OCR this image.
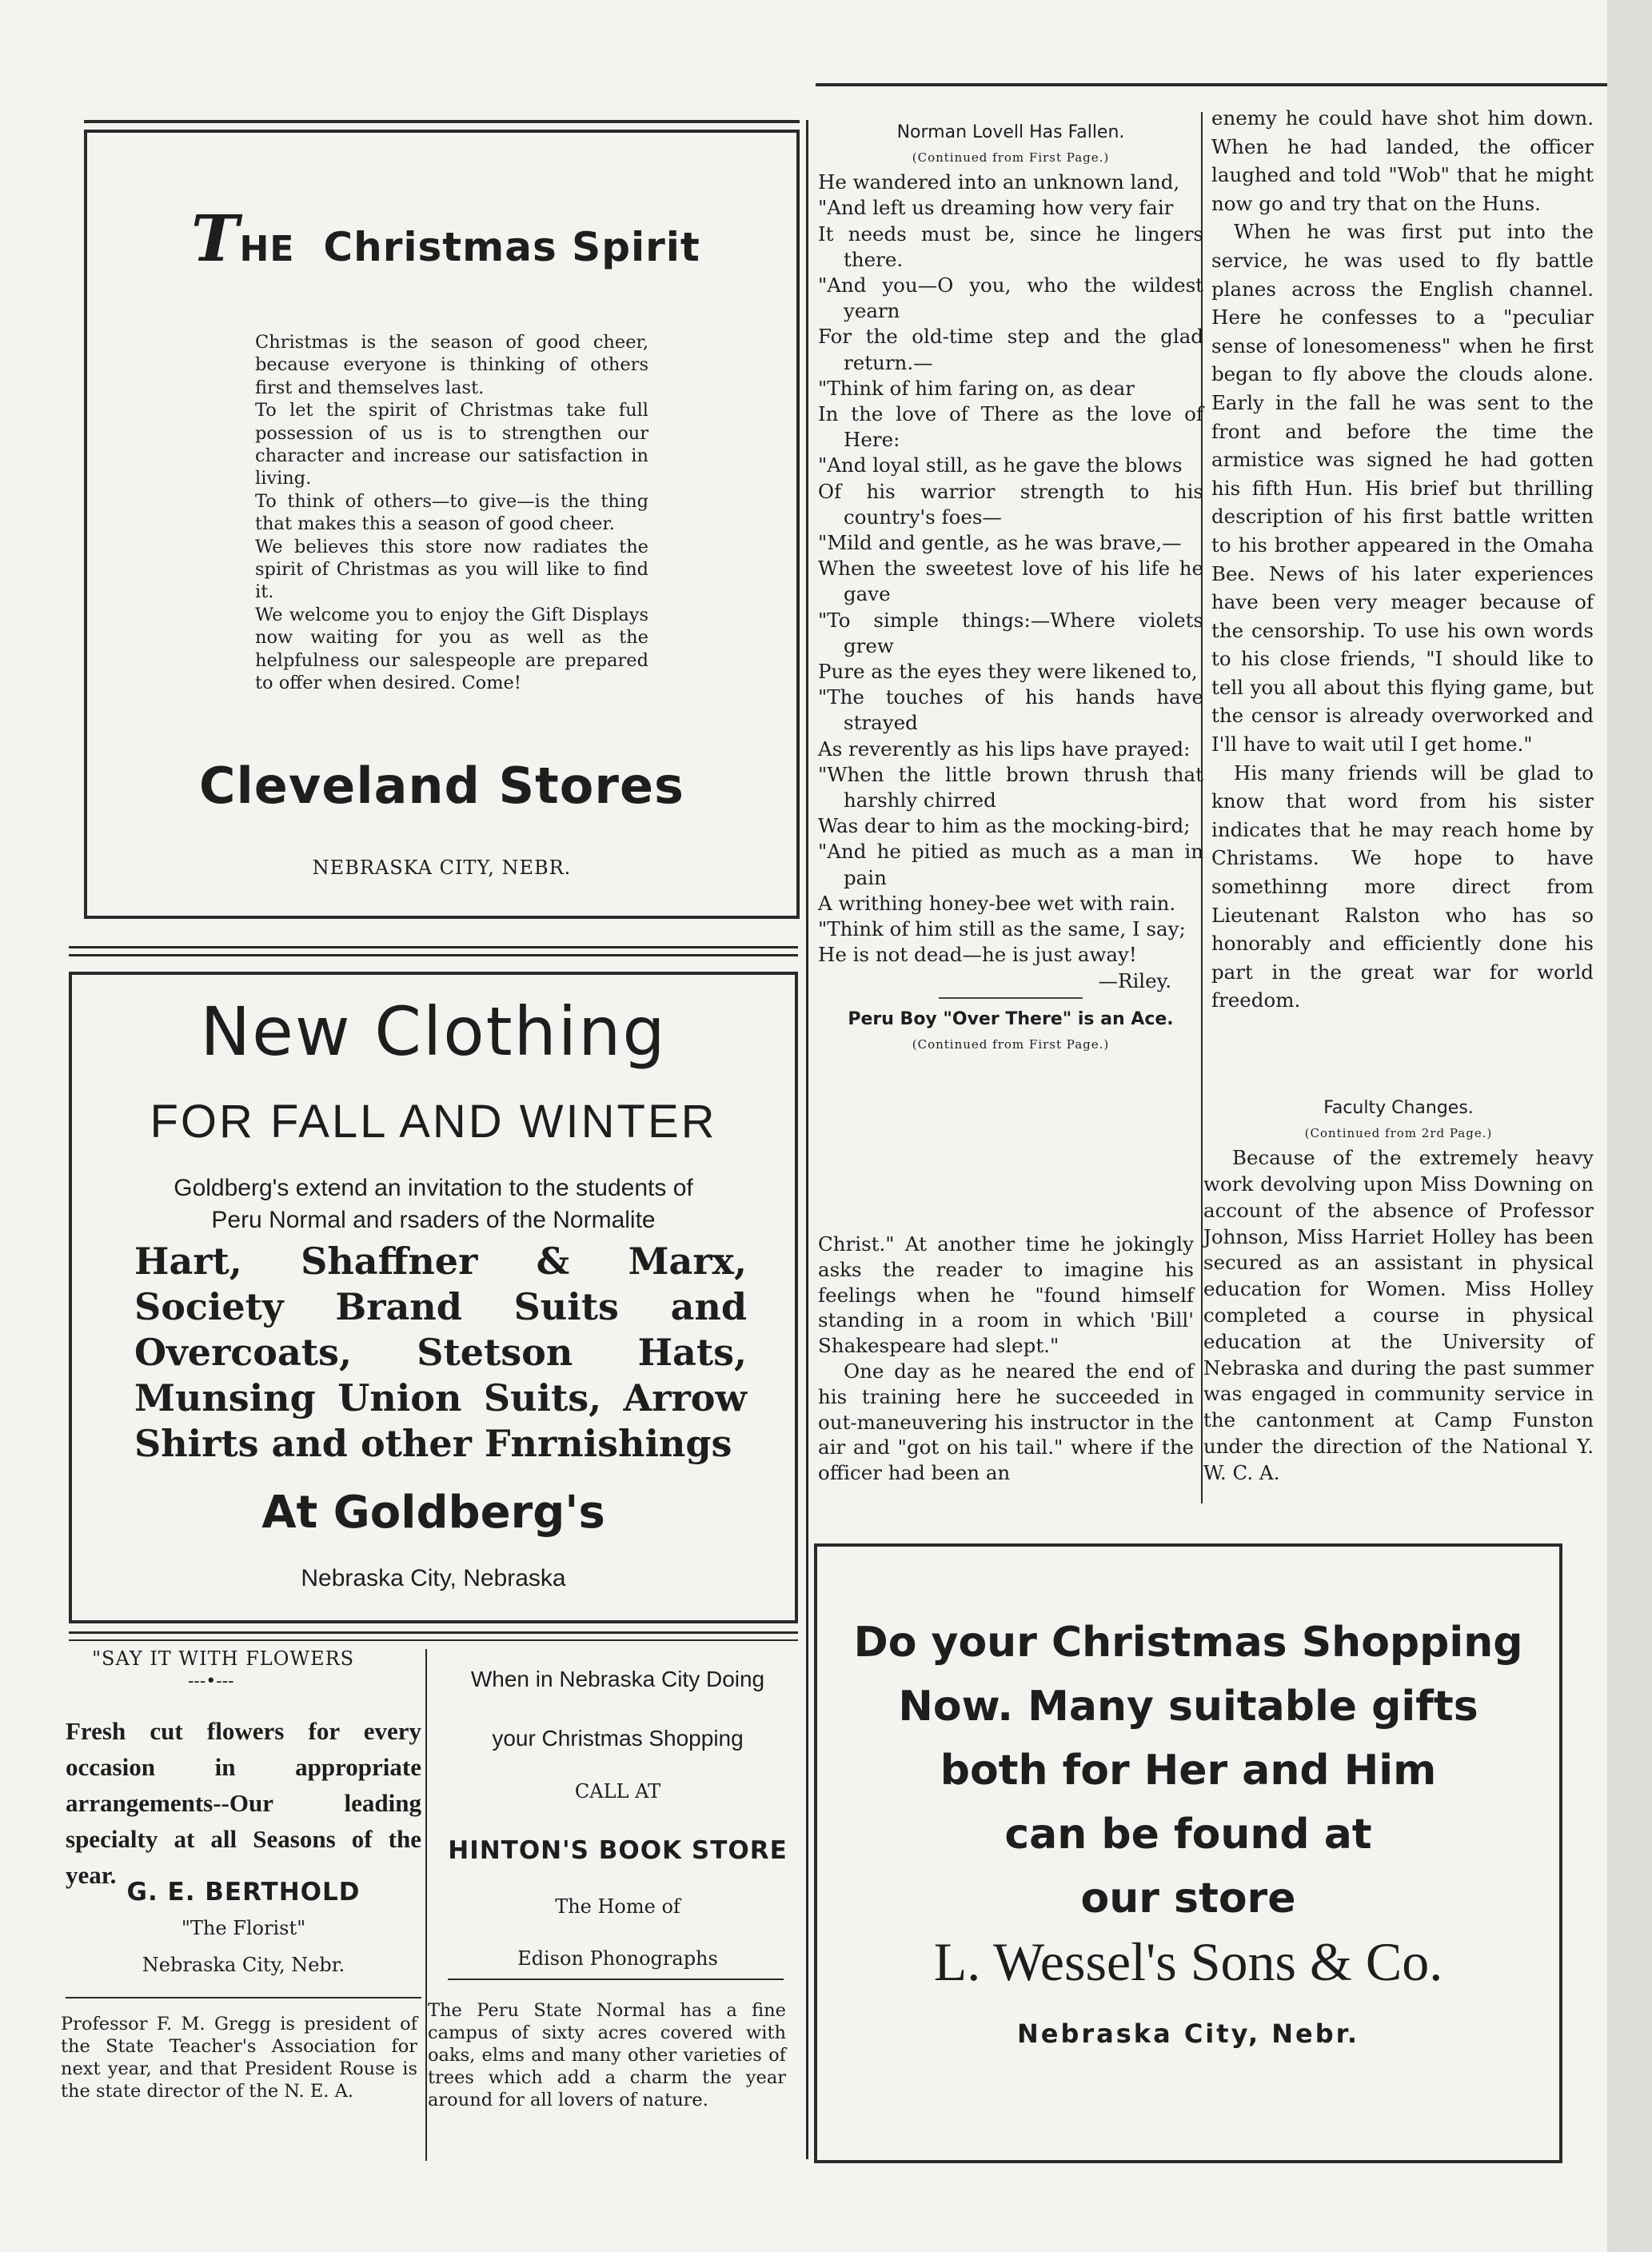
THE Christmas Spirit

Christmas is the season of good cheer, because everyone is thinking of others first and themselves last.

To let the spirit of Christmas take full possession of us is to strengthen our character and increase our satisfaction in living.

To think of others—to give—is the thing that makes this a season of good cheer.

We believes this store now radiates the spirit of Christmas as you will like to find it.

We welcome you to enjoy the Gift Displays now waiting for you as well as the helpfulness our salespeople are prepared to offer when desired. Come!

Cleveland Stores
NEBRASKA CITY, NEBR.
New Clothing
FOR FALL AND WINTER
Goldberg's extend an invitation to the students of
Peru Normal and rsaders of the Normalite
Hart, Shaffner & Marx, Society Brand Suits and Overcoats, Stetson Hats, Munsing Union Suits, Arrow Shirts and other Fnrnishings
At Goldberg's
Nebraska City, Nebraska
"SAY IT WITH FLOWERS
---•---
Fresh cut flowers for every occasion in appropriate arrangements--Our leading specialty at all Seasons of the year.
G. E. BERTHOLD
"The Florist"
Nebraska City, Nebr.
Professor F. M. Gregg is president of the State Teacher's Association for next year, and that President Rouse is the state director of the N. E. A.
When in Nebraska City Doing
your Christmas Shopping
CALL AT
HINTON'S BOOK STORE
The Home of
Edison Phonographs
The Peru State Normal has a fine campus of sixty acres covered with oaks, elms and many other varieties of trees which add a charm the year around for all lovers of nature.
Norman Lovell Has Fallen.
(Continued from First Page.)

He wandered into an unknown land,

"And left us dreaming how very fair

It needs must be, since he lingers there.

"And you—O you, who the wildest yearn

For the old-time step and the glad return.—

"Think of him faring on, as dear

In the love of There as the love of Here:

"And loyal still, as he gave the blows

Of his warrior strength to his country's foes—

"Mild and gentle, as he was brave,—

When the sweetest love of his life he gave

"To simple things:—Where violets grew

Pure as the eyes they were likened to,

"The touches of his hands have strayed

As reverently as his lips have prayed:

"When the little brown thrush that harshly chirred

Was dear to him as the mocking-bird;

"And he pitied as much as a man in pain

A writhing honey-bee wet with rain.

"Think of him still as the same, I say;

He is not dead—he is just away!

—Riley.

Peru Boy "Over There" is an Ace.
(Continued from First Page.)

Christ." At another time he jokingly asks the reader to imagine his feelings when he "found himself standing in a room in which 'Bill' Shakespeare had slept."

One day as he neared the end of his training here he succeeded in out-maneuvering his instructor in the air and "got on his tail." where if the officer had been an

enemy he could have shot him down. When he had landed, the officer laughed and told "Wob" that he might now go and try that on the Huns.

When he was first put into the service, he was used to fly battle planes across the English channel. Here he confesses to a "peculiar sense of lonesomeness" when he first began to fly above the clouds alone. Early in the fall he was sent to the front and before the time the armistice was signed he had gotten his fifth Hun. His brief but thrilling description of his first battle written to his brother appeared in the Omaha Bee. News of his later experiences have been very meager because of the censorship. To use his own words to his close friends, "I should like to tell you all about this flying game, but the censor is already overworked and I'll have to wait util I get home."

His many friends will be glad to know that word from his sister indicates that he may reach home by Christams. We hope to have somethinng more direct from Lieutenant Ralston who has so honorably and efficiently done his part in the great war for world freedom.

Faculty Changes.
(Continued from 2rd Page.)

Because of the extremely heavy work devolving upon Miss Downing on account of the absence of Professor Johnson, Miss Harriet Holley has been secured as an assistant in physical education for Women. Miss Holley completed a course in physical education at the University of Nebraska and during the past summer was engaged in community service in the cantonment at Camp Funston under the direction of the National Y. W. C. A.

Do your Christmas Shopping
Now. Many suitable gifts
both for Her and Him
can be found at
our store
L. Wessel's Sons & Co.
Nebraska City, Nebr.
